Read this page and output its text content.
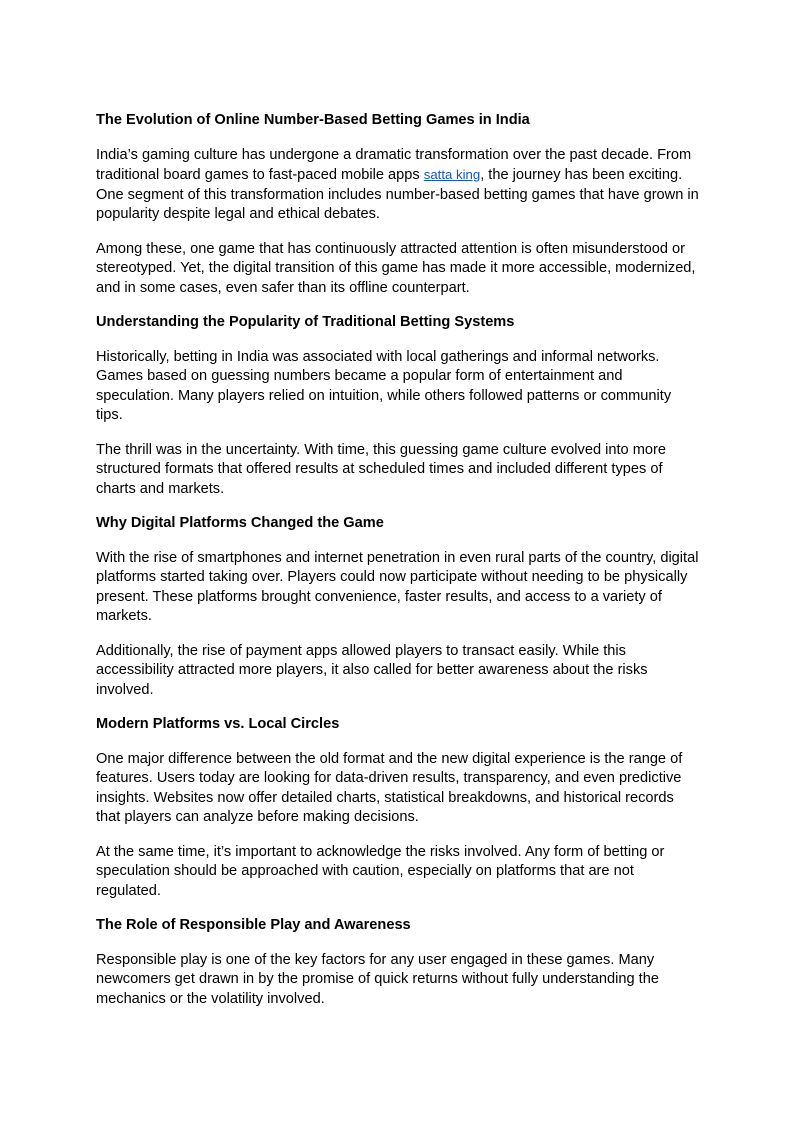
The Evolution of Online Number-Based Betting Games in India

India’s gaming culture has undergone a dramatic transformation over the past decade. From traditional board games to fast-paced mobile apps satta king, the journey has been exciting. One segment of this transformation includes number-based betting games that have grown in popularity despite legal and ethical debates.

Among these, one game that has continuously attracted attention is often misunderstood or stereotyped. Yet, the digital transition of this game has made it more accessible, modernized, and in some cases, even safer than its offline counterpart.

Understanding the Popularity of Traditional Betting Systems

Historically, betting in India was associated with local gatherings and informal networks. Games based on guessing numbers became a popular form of entertainment and speculation. Many players relied on intuition, while others followed patterns or community tips.

The thrill was in the uncertainty. With time, this guessing game culture evolved into more structured formats that offered results at scheduled times and included different types of charts and markets.

Why Digital Platforms Changed the Game

With the rise of smartphones and internet penetration in even rural parts of the country, digital platforms started taking over. Players could now participate without needing to be physically present. These platforms brought convenience, faster results, and access to a variety of markets.

Additionally, the rise of payment apps allowed players to transact easily. While this accessibility attracted more players, it also called for better awareness about the risks involved.

Modern Platforms vs. Local Circles

One major difference between the old format and the new digital experience is the range of features. Users today are looking for data-driven results, transparency, and even predictive insights. Websites now offer detailed charts, statistical breakdowns, and historical records that players can analyze before making decisions.

At the same time, it’s important to acknowledge the risks involved. Any form of betting or speculation should be approached with caution, especially on platforms that are not regulated.

The Role of Responsible Play and Awareness

Responsible play is one of the key factors for any user engaged in these games. Many newcomers get drawn in by the promise of quick returns without fully understanding the mechanics or the volatility involved.
